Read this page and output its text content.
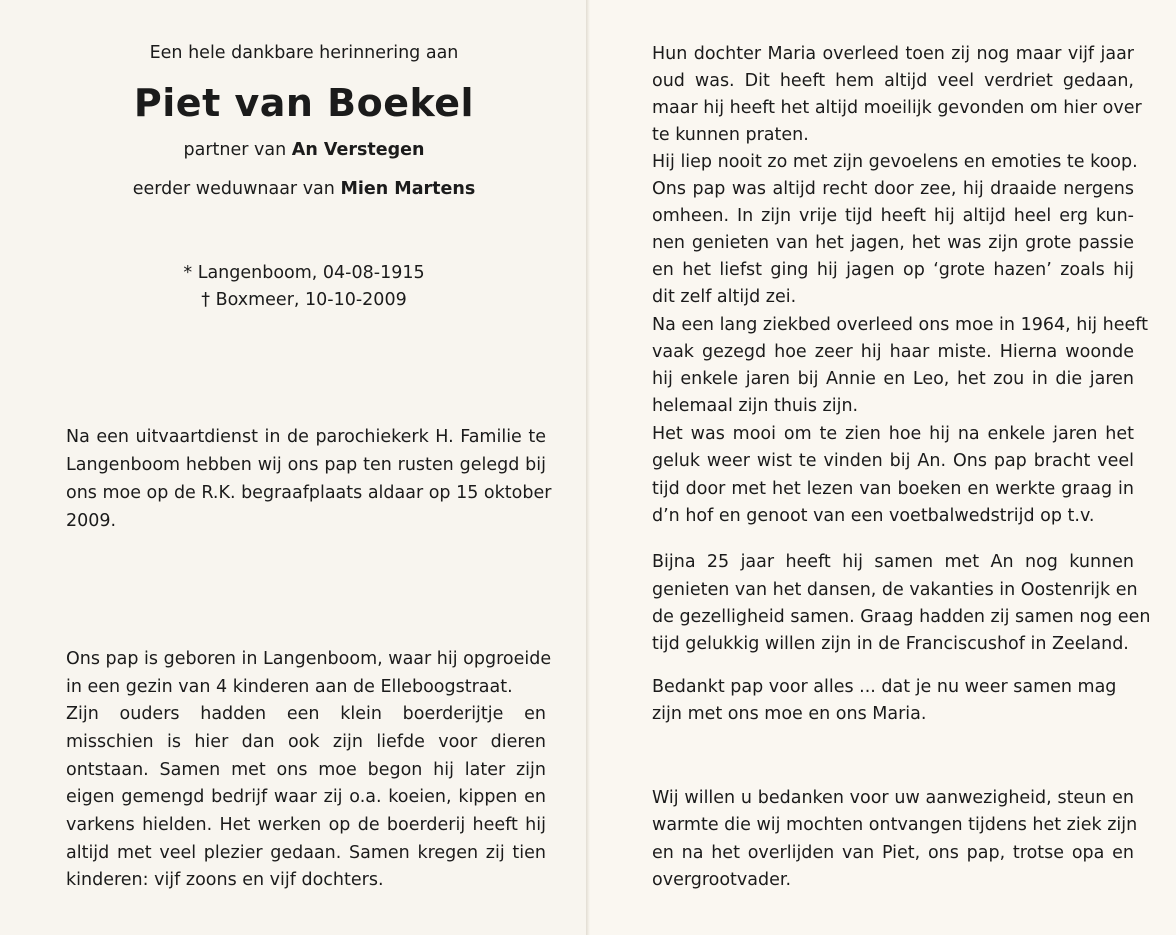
Een hele dankbare herinnering aan
Piet van Boekel
partner van An Verstegen
eerder weduwnaar van Mien Martens
* Langenboom, 04-08-1915
† Boxmeer, 10-10-2009
Na een uitvaartdienst in de parochiekerk H. Familie te
Langenboom hebben wij ons pap ten rusten gelegd bij
ons moe op de R.K. begraafplaats aldaar op 15 oktober
2009.
Ons pap is geboren in Langenboom, waar hij opgroeide
in een gezin van 4 kinderen aan de Elleboogstraat.
Zijn ouders hadden een klein boerderijtje en
misschien is hier dan ook zijn liefde voor dieren
ontstaan. Samen met ons moe begon hij later zijn
eigen gemengd bedrijf waar zij o.a. koeien, kippen en
varkens hielden. Het werken op de boerderij heeft hij
altijd met veel plezier gedaan. Samen kregen zij tien
kinderen: vijf zoons en vijf dochters.
Hun dochter Maria overleed toen zij nog maar vijf jaar
oud was. Dit heeft hem altijd veel verdriet gedaan,
maar hij heeft het altijd moeilijk gevonden om hier over
te kunnen praten.
Hij liep nooit zo met zijn gevoelens en emoties te koop.
Ons pap was altijd recht door zee, hij draaide nergens
omheen. In zijn vrije tijd heeft hij altijd heel erg kun-
nen genieten van het jagen, het was zijn grote passie
en het liefst ging hij jagen op ‘grote hazen’ zoals hij
dit zelf altijd zei.
Na een lang ziekbed overleed ons moe in 1964, hij heeft
vaak gezegd hoe zeer hij haar miste. Hierna woonde
hij enkele jaren bij Annie en Leo, het zou in die jaren
helemaal zijn thuis zijn.
Het was mooi om te zien hoe hij na enkele jaren het
geluk weer wist te vinden bij An. Ons pap bracht veel
tijd door met het lezen van boeken en werkte graag in
d’n hof en genoot van een voetbalwedstrijd op t.v.
Bijna 25 jaar heeft hij samen met An nog kunnen
genieten van het dansen, de vakanties in Oostenrijk en
de gezelligheid samen. Graag hadden zij samen nog een
tijd gelukkig willen zijn in de Franciscushof in Zeeland.
Bedankt pap voor alles ... dat je nu weer samen mag
zijn met ons moe en ons Maria.
Wij willen u bedanken voor uw aanwezigheid, steun en
warmte die wij mochten ontvangen tijdens het ziek zijn
en na het overlijden van Piet, ons pap, trotse opa en
overgrootvader.
